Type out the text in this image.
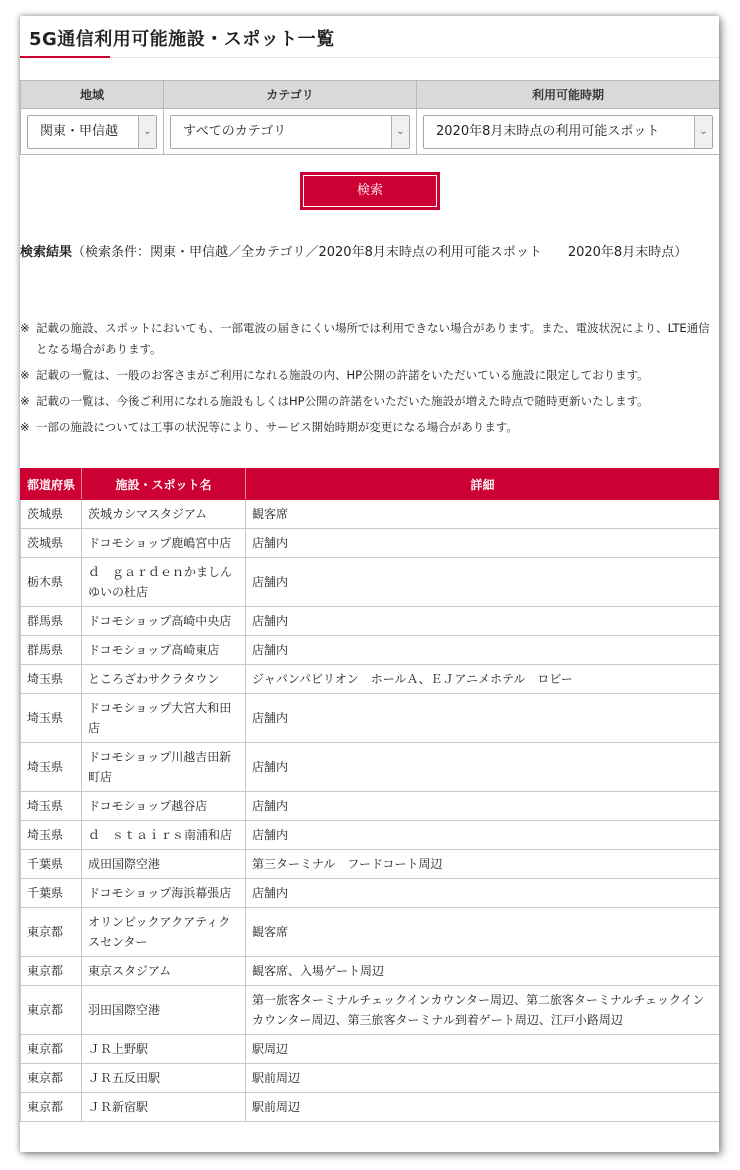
5G通信利用可能施設・スポット一覧
地域	カテゴリ	利用可能時期

関東・甲信越 ⌄	すべてのカテゴリ ⌄	2020年8月末時点の利用可能スポット ⌄
検索
検索結果（検索条件：関東・甲信越／全カテゴリ／2020年8月末時点の利用可能スポット　　2020年8月末時点）
※ 記載の施設、スポットにおいても、一部電波の届きにくい場所では利用できない場合があります。また、電波状況により、LTE通信となる場合があります。
※ 記載の一覧は、一般のお客さまがご利用になれる施設の内、HP公開の許諾をいただいている施設に限定しております。
※ 記載の一覧は、今後ご利用になれる施設もしくはHP公開の許諾をいただいた施設が増えた時点で随時更新いたします。
※ 一部の施設については工事の状況等により、サービス開始時期が変更になる場合があります。
都道府県	施設・スポット名	詳細
茨城県	茨城カシマスタジアム	観客席
茨城県	ドコモショップ鹿嶋宮中店	店舗内
栃木県	ｄ　ｇａｒｄｅｎかましんゆいの杜店	店舗内
群馬県	ドコモショップ高崎中央店	店舗内
群馬県	ドコモショップ高崎東店	店舗内
埼玉県	ところざわサクラタウン	ジャパンパビリオン　ホールＡ、ＥＪアニメホテル　ロビー
埼玉県	ドコモショップ大宮大和田店	店舗内
埼玉県	ドコモショップ川越吉田新町店	店舗内
埼玉県	ドコモショップ越谷店	店舗内
埼玉県	ｄ　ｓｔａｉｒｓ南浦和店	店舗内
千葉県	成田国際空港	第三ターミナル　フードコート周辺
千葉県	ドコモショップ海浜幕張店	店舗内
東京都	オリンピックアクアティクスセンター	観客席
東京都	東京スタジアム	観客席、入場ゲート周辺
東京都	羽田国際空港	第一旅客ターミナルチェックインカウンター周辺、第二旅客ターミナルチェックインカウンター周辺、第三旅客ターミナル到着ゲート周辺、江戸小路周辺
東京都	ＪＲ上野駅	駅周辺
東京都	ＪＲ五反田駅	駅前周辺
東京都	ＪＲ新宿駅	駅前周辺
